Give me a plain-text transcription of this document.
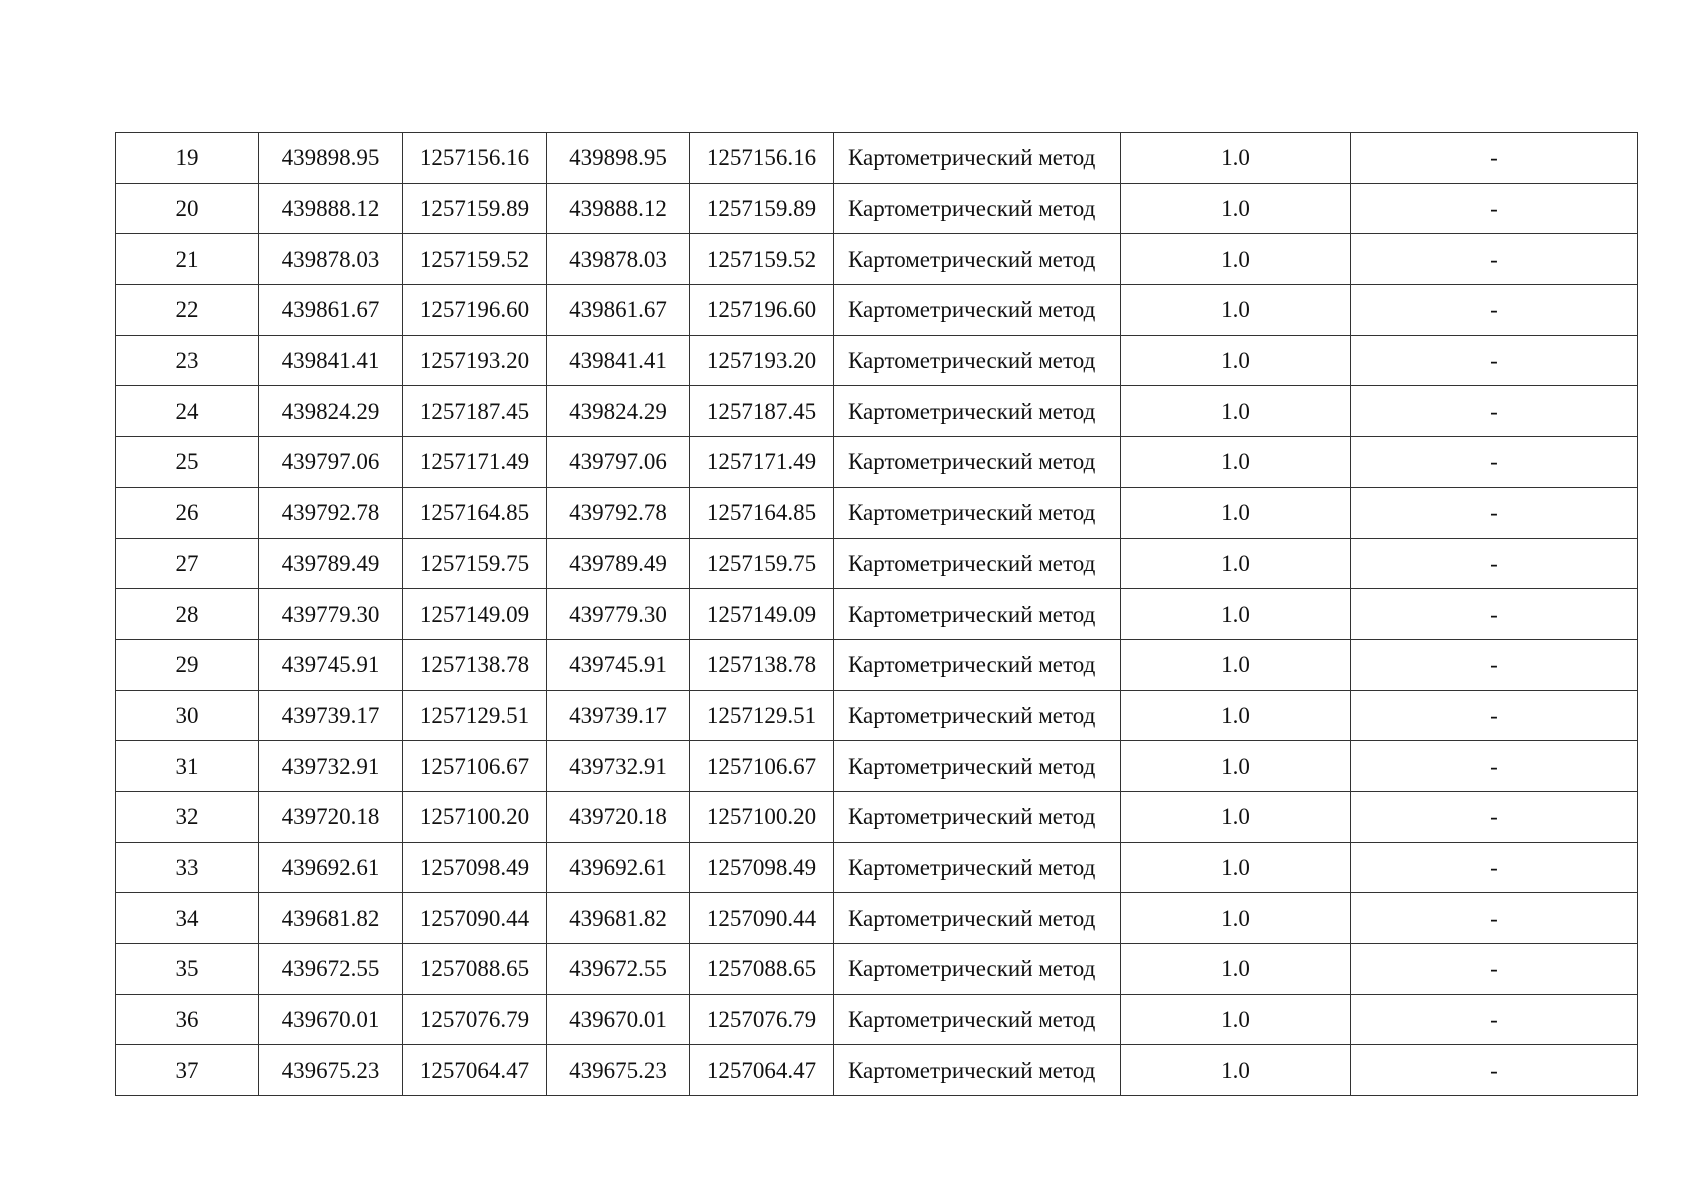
19	439898.95	1257156.16	439898.95	1257156.16	Картометрический метод	1.0	-
20	439888.12	1257159.89	439888.12	1257159.89	Картометрический метод	1.0	-
21	439878.03	1257159.52	439878.03	1257159.52	Картометрический метод	1.0	-
22	439861.67	1257196.60	439861.67	1257196.60	Картометрический метод	1.0	-
23	439841.41	1257193.20	439841.41	1257193.20	Картометрический метод	1.0	-
24	439824.29	1257187.45	439824.29	1257187.45	Картометрический метод	1.0	-
25	439797.06	1257171.49	439797.06	1257171.49	Картометрический метод	1.0	-
26	439792.78	1257164.85	439792.78	1257164.85	Картометрический метод	1.0	-
27	439789.49	1257159.75	439789.49	1257159.75	Картометрический метод	1.0	-
28	439779.30	1257149.09	439779.30	1257149.09	Картометрический метод	1.0	-
29	439745.91	1257138.78	439745.91	1257138.78	Картометрический метод	1.0	-
30	439739.17	1257129.51	439739.17	1257129.51	Картометрический метод	1.0	-
31	439732.91	1257106.67	439732.91	1257106.67	Картометрический метод	1.0	-
32	439720.18	1257100.20	439720.18	1257100.20	Картометрический метод	1.0	-
33	439692.61	1257098.49	439692.61	1257098.49	Картометрический метод	1.0	-
34	439681.82	1257090.44	439681.82	1257090.44	Картометрический метод	1.0	-
35	439672.55	1257088.65	439672.55	1257088.65	Картометрический метод	1.0	-
36	439670.01	1257076.79	439670.01	1257076.79	Картометрический метод	1.0	-
37	439675.23	1257064.47	439675.23	1257064.47	Картометрический метод	1.0	-
